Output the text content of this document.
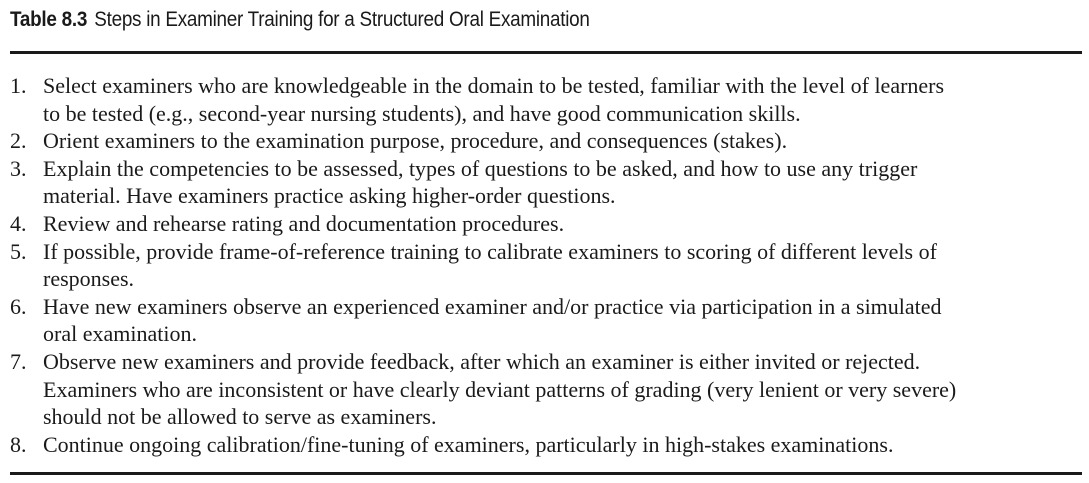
Table 8.3 Steps in Examiner Training for a Structured Oral Examination
1. Select examiners who are knowledgeable in the domain to be tested, familiar with the level of learners
to be tested (e.g., second-year nursing students), and have good communication skills.
2. Orient examiners to the examination purpose, procedure, and consequences (stakes).
3. Explain the competencies to be assessed, types of questions to be asked, and how to use any trigger
material. Have examiners practice asking higher-order questions.
4. Review and rehearse rating and documentation procedures.
5. If possible, provide frame-of-reference training to calibrate examiners to scoring of different levels of
responses.
6. Have new examiners observe an experienced examiner and/or practice via participation in a simulated
oral examination.
7. Observe new examiners and provide feedback, after which an examiner is either invited or rejected.
Examiners who are inconsistent or have clearly deviant patterns of grading (very lenient or very severe)
should not be allowed to serve as examiners.
8. Continue ongoing calibration/fine-tuning of examiners, particularly in high-stakes examinations.
